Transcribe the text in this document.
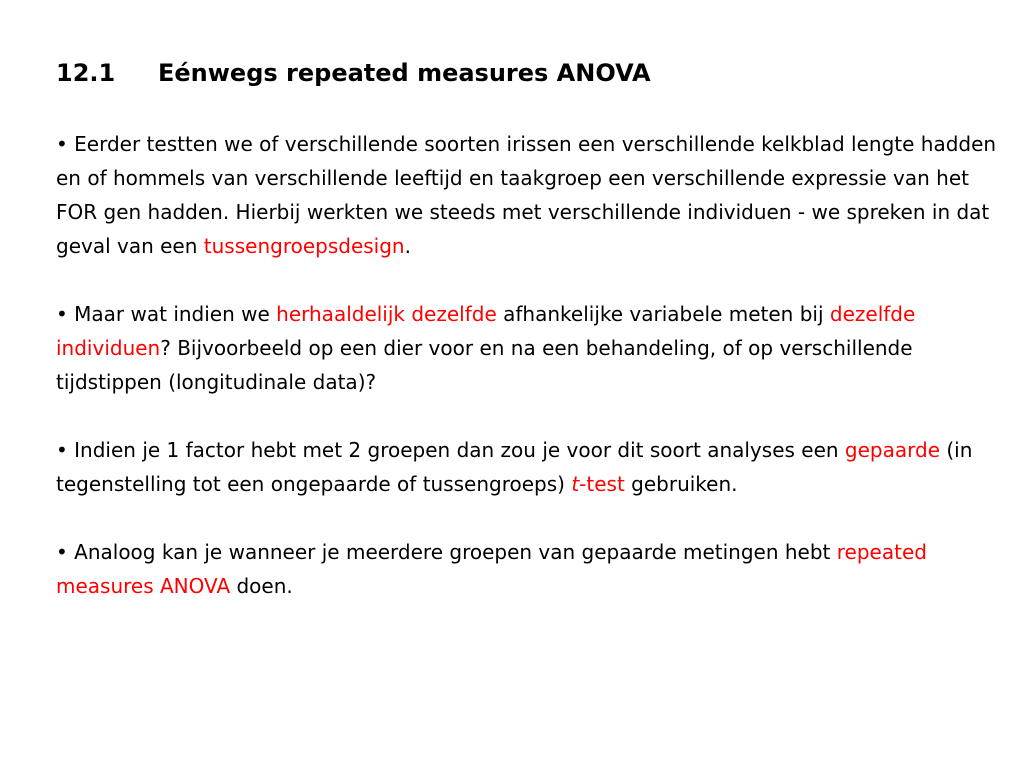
12.1 Eénwegs repeated measures ANOVA

• Eerder testten we of verschillende soorten irissen een verschillende kelkblad lengte hadden en of hommels van verschillende leeftijd en taakgroep een verschillende expressie van het FOR gen hadden. Hierbij werkten we steeds met verschillende individuen - we spreken in dat geval van een tussengroepsdesign.

• Maar wat indien we herhaaldelijk dezelfde afhankelijke variabele meten bij dezelfde individuen? Bijvoorbeeld op een dier voor en na een behandeling, of op verschillende tijdstippen (longitudinale data)?

• Indien je 1 factor hebt met 2 groepen dan zou je voor dit soort analyses een gepaarde (in tegenstelling tot een ongepaarde of tussengroeps) t-test gebruiken.

• Analoog kan je wanneer je meerdere groepen van gepaarde metingen hebt repeated measures ANOVA doen.
